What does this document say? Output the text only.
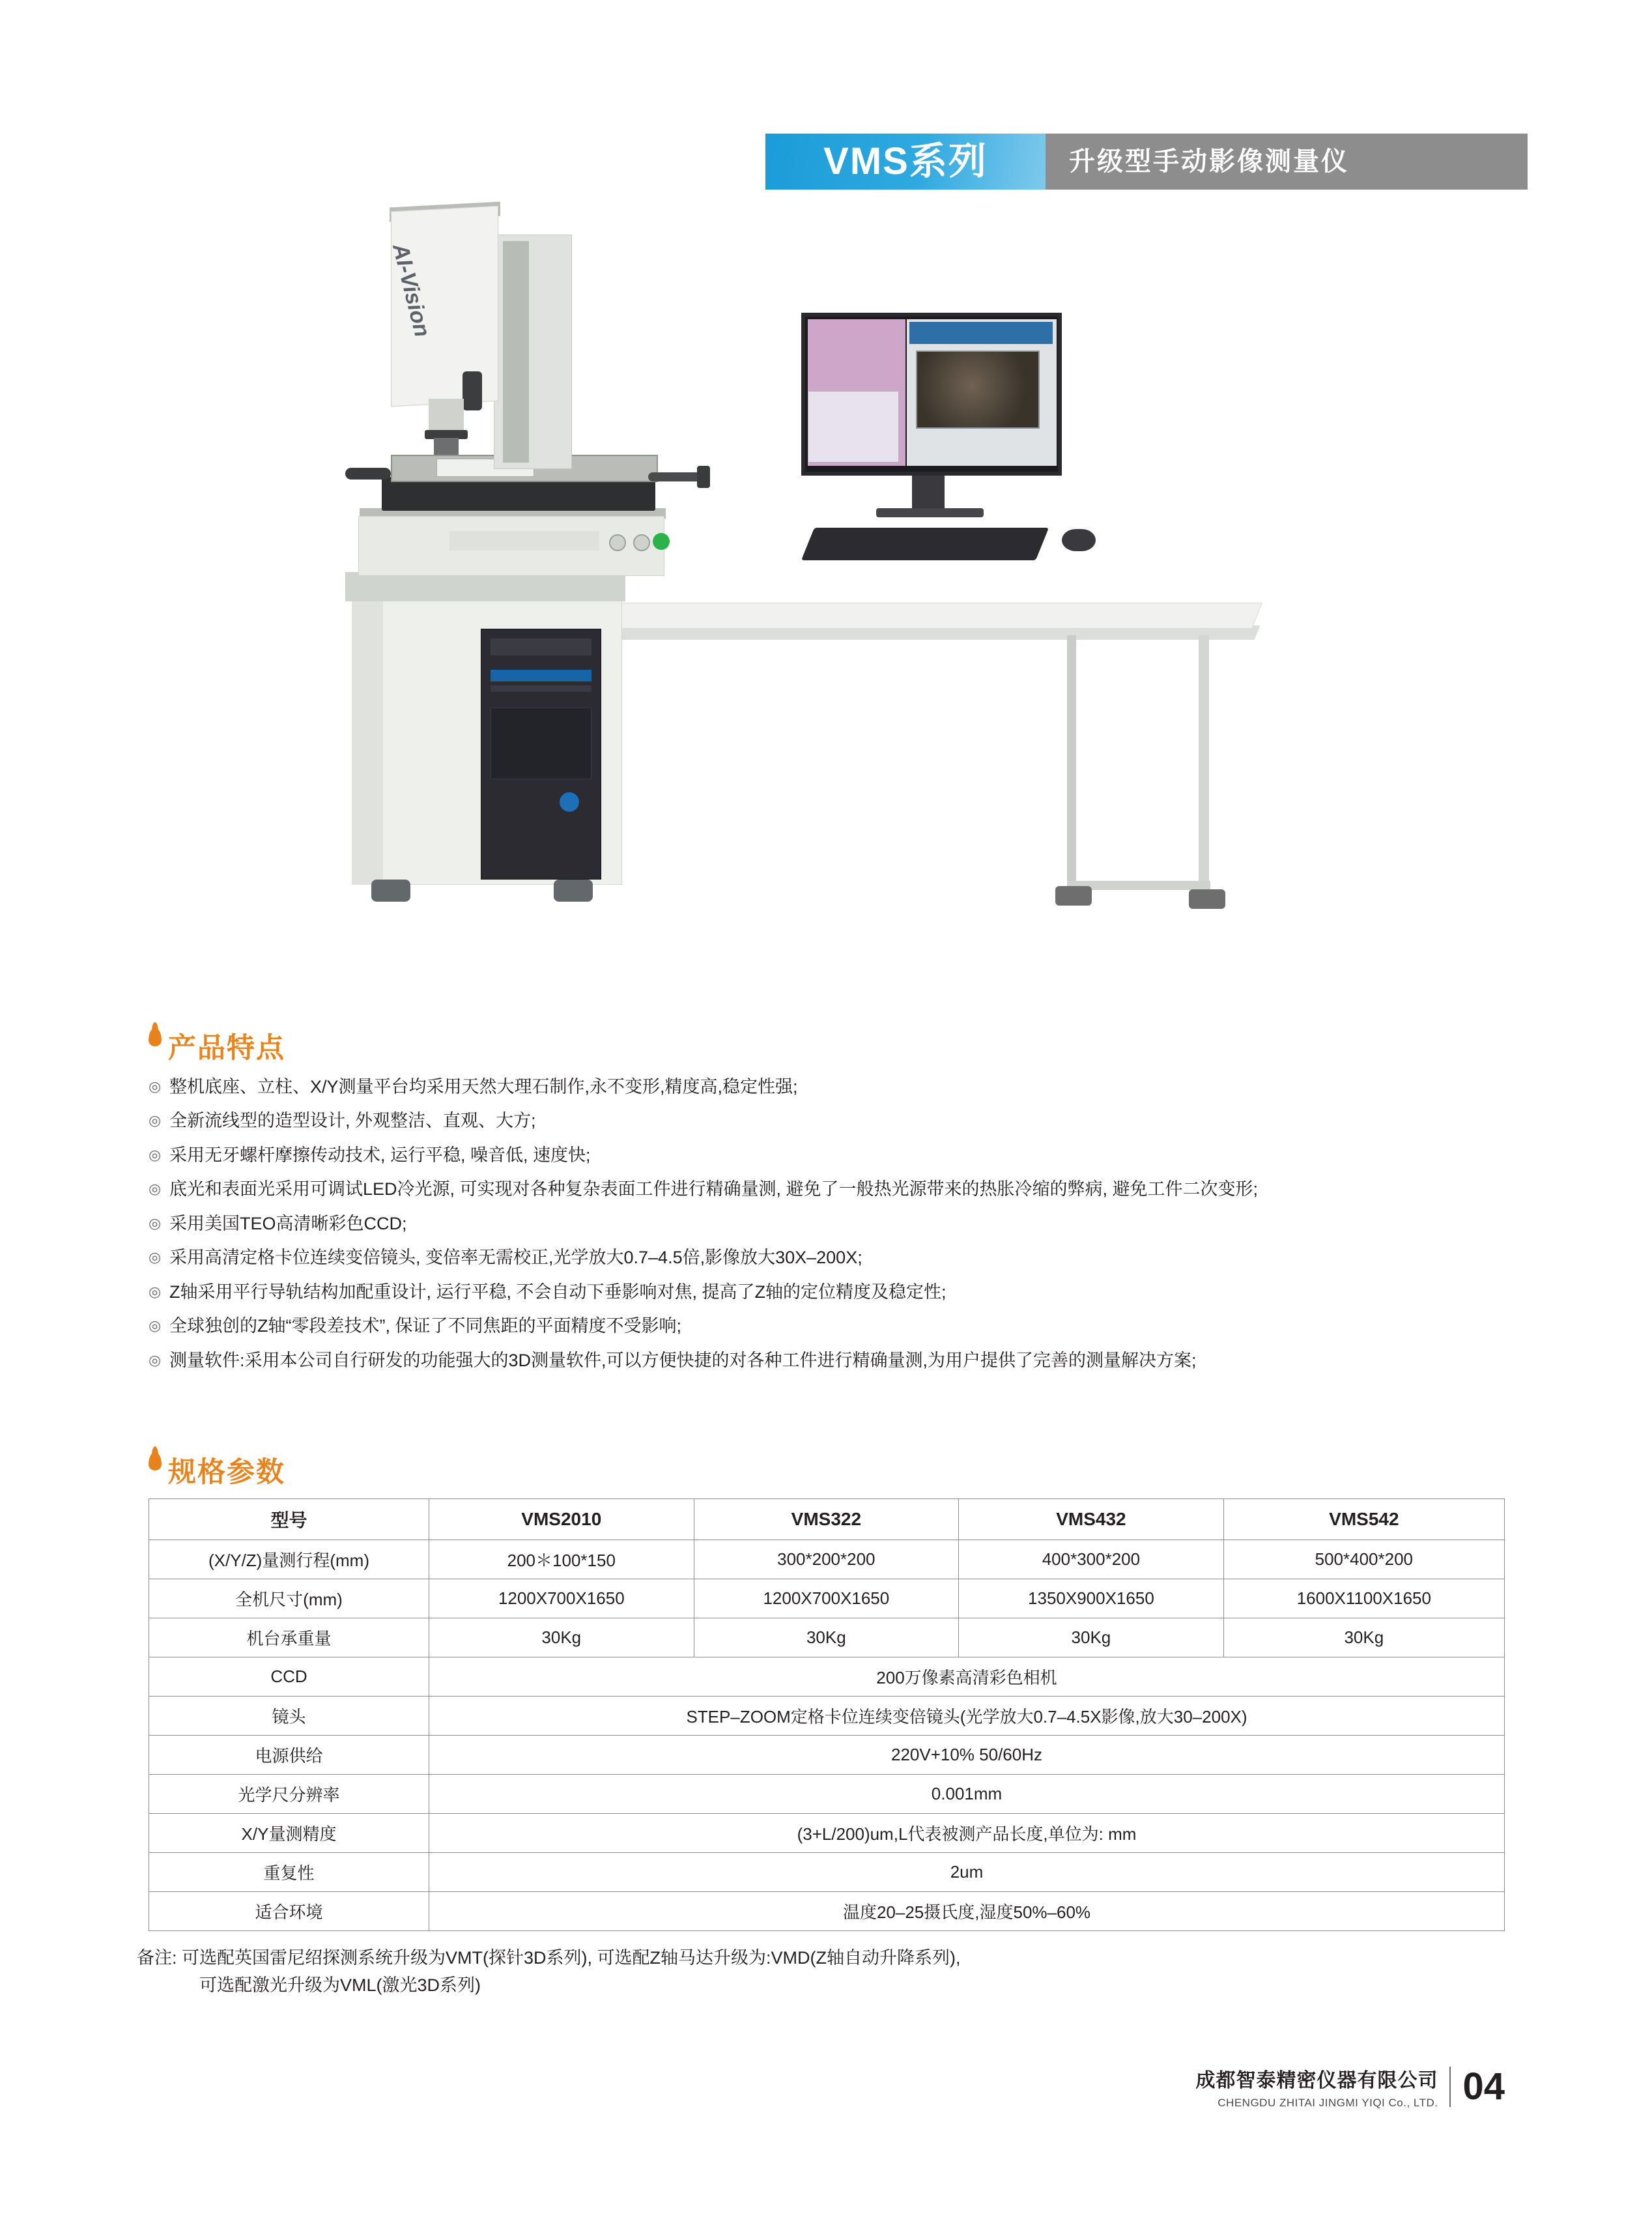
VMS系列	升级型手动影像测量仪
AI-Vision
产品特点
◎ 整机底座、立柱、X/Y测量平台均采用天然大理石制作,永不变形,精度高,稳定性强;
◎ 全新流线型的造型设计, 外观整洁、直观、大方;
◎ 采用无牙螺杆摩擦传动技术, 运行平稳, 噪音低, 速度快;
◎ 底光和表面光采用可调试LED冷光源, 可实现对各种复杂表面工件进行精确量测, 避免了一般热光源带来的热胀冷缩的弊病, 避免工件二次变形;
◎ 采用美国TEO高清晰彩色CCD;
◎ 采用高清定格卡位连续变倍镜头, 变倍率无需校正,光学放大0.7–4.5倍,影像放大30X–200X;
◎ Z轴采用平行导轨结构加配重设计, 运行平稳, 不会自动下垂影响对焦, 提高了Z轴的定位精度及稳定性;
◎ 全球独创的Z轴“零段差技术”, 保证了不同焦距的平面精度不受影响;
◎ 测量软件:采用本公司自行研发的功能强大的3D测量软件,可以方便快捷的对各种工件进行精确量测,为用户提供了完善的测量解决方案;
规格参数
型号	VMS2010	VMS322	VMS432	VMS542
(X/Y/Z)量测行程(mm)	200＊100*150	300*200*200	400*300*200	500*400*200
全机尺寸(mm)	1200X700X1650	1200X700X1650	1350X900X1650	1600X1100X1650
机台承重量	30Kg	30Kg	30Kg	30Kg
CCD	200万像素高清彩色相机			
镜头	STEP–ZOOM定格卡位连续变倍镜头(光学放大0.7–4.5X影像,放大30–200X)			
电源供给	220V+10% 50/60Hz			
光学尺分辨率	0.001mm			
X/Y量测精度	(3+L/200)um,L代表被测产品长度,单位为: mm			
重复性	2um			
适合环境	温度20–25摄氏度,湿度50%–60%			
备注: 可选配英国雷尼绍探测系统升级为VMT(探针3D系列), 可选配Z轴马达升级为:VMD(Z轴自动升降系列),
可选配激光升级为VML(激光3D系列)
成都智泰精密仪器有限公司
CHENGDU ZHITAI JINGMI YIQI Co., LTD. 04
